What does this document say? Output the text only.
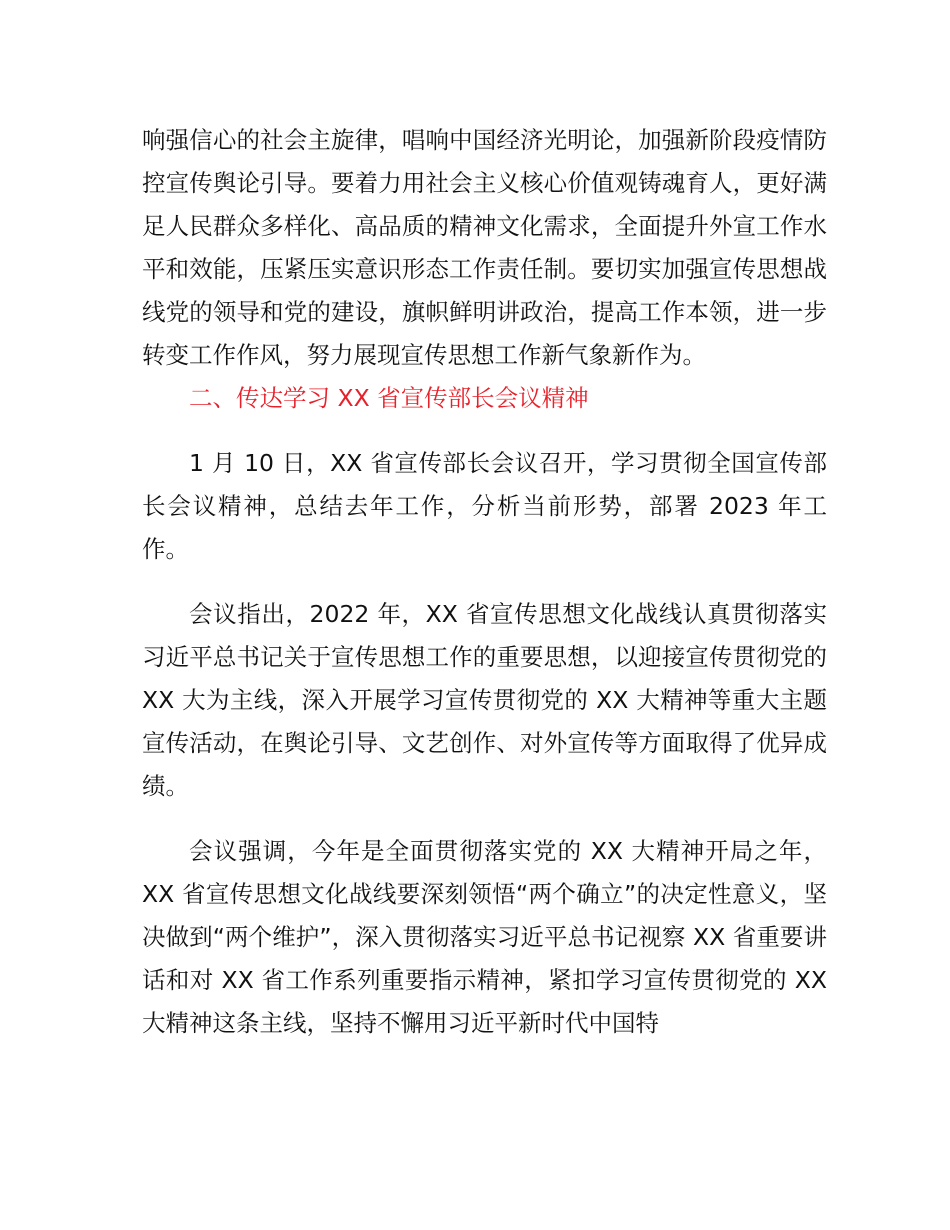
响强信心的社会主旋律，唱响中国经济光明论，加强新阶段疫情防控宣传舆论引导。要着力用社会主义核心价值观铸魂育人，更好满足人民群众多样化、高品质的精神文化需求，全面提升外宣工作水平和效能，压紧压实意识形态工作责任制。要切实加强宣传思想战线党的领导和党的建设，旗帜鲜明讲政治，提高工作本领，进一步转变工作作风，努力展现宣传思想工作新气象新作为。

二、传达学习 XX 省宣传部长会议精神

1 月 10 日，XX 省宣传部长会议召开，学习贯彻全国宣传部长会议精神，总结去年工作，分析当前形势，部署 2023 年工作。

会议指出，2022 年，XX 省宣传思想文化战线认真贯彻落实习近平总书记关于宣传思想工作的重要思想，以迎接宣传贯彻党的 XX 大为主线，深入开展学习宣传贯彻党的 XX 大精神等重大主题宣传活动，在舆论引导、文艺创作、对外宣传等方面取得了优异成绩。

会议强调，今年是全面贯彻落实党的 XX 大精神开局之年，XX 省宣传思想文化战线要深刻领悟“两个确立”的决定性意义，坚决做到“两个维护”，深入贯彻落实习近平总书记视察 XX 省重要讲话和对 XX 省工作系列重要指示精神，紧扣学习宣传贯彻党的 XX 大精神这条主线，坚持不懈用习近平新时代中国特
